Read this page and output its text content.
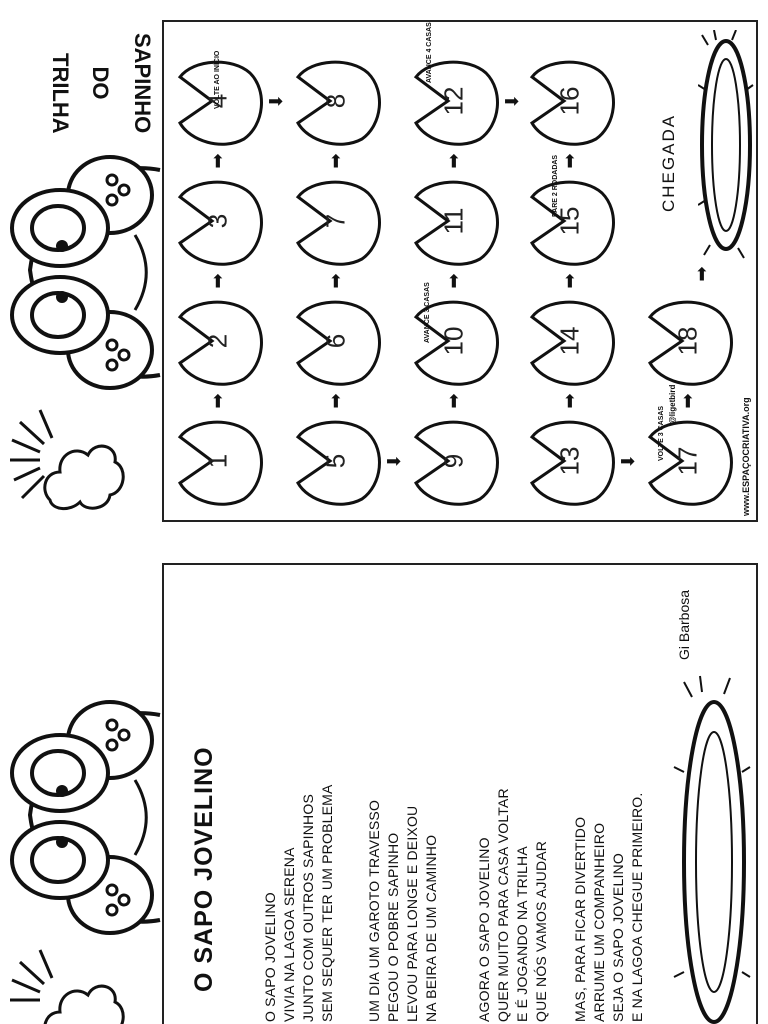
TRILHA DO SAPINHO
1
2
3
4
VOLTE AO INÍCIO
5
6
7
8
9
10
AVANCE 3 CASAS
11
12
AVANCE 4 CASAS
13
14
15
PARE 2 RODADAS
16
17
VOLTE 3 CASAS
18
➡
➡
➡
➡
➡
➡
➡
➡
➡
➡
➡
➡
➡
➡
➡
➡
➡
➡
CHEGADA
www.ESPAÇOCRIATIVA.org
@ligetbird
O SAPO JOVELINO	O SAPO JOVELINO VIVIA NA LAGOA SERENA JUNTO COM OUTROS SAPINHOS SEM SEQUER TER UM PROBLEMA UM DIA UM GAROTO TRAVESSO PEGOU O POBRE SAPINHO LEVOU PARA LONGE E DEIXOU NA BEIRA DE UM CAMINHO	AGORA O SAPO JOVELINO QUER MUITO PARA CASA VOLTAR E É JOGANDO NA TRILHA QUE NÓS VAMOS AJUDAR MAS, PARA FICAR DIVERTIDO ARRUME UM COMPANHEIRO SEJA O SAPO JOVELINO E NA LAGOA CHEGUE PRIMEIRO.
Gi Barbosa
